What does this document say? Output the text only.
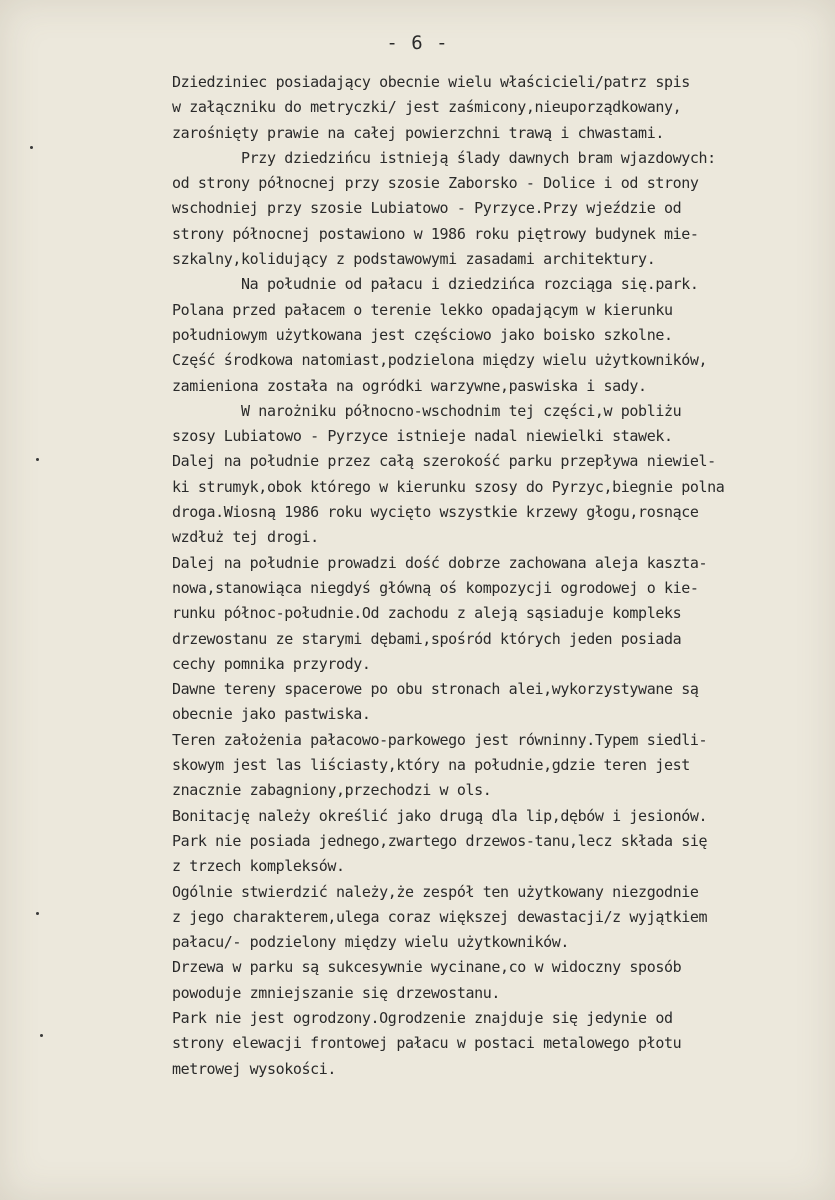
- 6 -
Dziedziniec posiadający obecnie wielu właścicieli/patrz spis
w załączniku do metryczki/ jest zaśmicony,nieuporządkowany,
zarośnięty prawie na całej powierzchni trawą i chwastami.
Przy dziedzińcu istnieją ślady dawnych bram wjazdowych:
od strony północnej przy szosie Zaborsko - Dolice i od strony
wschodniej przy szosie Lubiatowo - Pyrzyce.Przy wjeździe od
strony północnej postawiono w 1986 roku piętrowy budynek mie-
szkalny,kolidujący z podstawowymi zasadami architektury.
Na południe od pałacu i dziedzińca rozciąga się.park.
Polana przed pałacem o terenie lekko opadającym w kierunku
południowym użytkowana jest częściowo jako boisko szkolne.
Część środkowa natomiast,podzielona między wielu użytkowników,
zamieniona została na ogródki warzywne,paswiska i sady.
W narożniku północno-wschodnim tej części,w pobliżu
szosy Lubiatowo - Pyrzyce istnieje nadal niewielki stawek.
Dalej na południe przez całą szerokość parku przepływa niewiel-
ki strumyk,obok którego w kierunku szosy do Pyrzyc,biegnie polna
droga.Wiosną 1986 roku wycięto wszystkie krzewy głogu,rosnące
wzdłuż tej drogi.
Dalej na południe prowadzi dość dobrze zachowana aleja kaszta-
nowa,stanowiąca niegdyś główną oś kompozycji ogrodowej o kie-
runku północ-południe.Od zachodu z aleją sąsiaduje kompleks
drzewostanu ze starymi dębami,spośród których jeden posiada
cechy pomnika przyrody.
Dawne tereny spacerowe po obu stronach alei,wykorzystywane są
obecnie jako pastwiska.
Teren założenia pałacowo-parkowego jest równinny.Typem siedli-
skowym jest las liściasty,który na południe,gdzie teren jest
znacznie zabagniony,przechodzi w ols.
Bonitację należy określić jako drugą dla lip,dębów i jesionów.
Park nie posiada jednego,zwartego drzewos-tanu,lecz składa się
z trzech kompleksów.
Ogólnie stwierdzić należy,że zespół ten użytkowany niezgodnie
z jego charakterem,ulega coraz większej dewastacji/z wyjątkiem
pałacu/- podzielony między wielu użytkowników.
Drzewa w parku są sukcesywnie wycinane,co w widoczny sposób
powoduje zmniejszanie się drzewostanu.
Park nie jest ogrodzony.Ogrodzenie znajduje się jedynie od
strony elewacji frontowej pałacu w postaci metalowego płotu
metrowej wysokości.
